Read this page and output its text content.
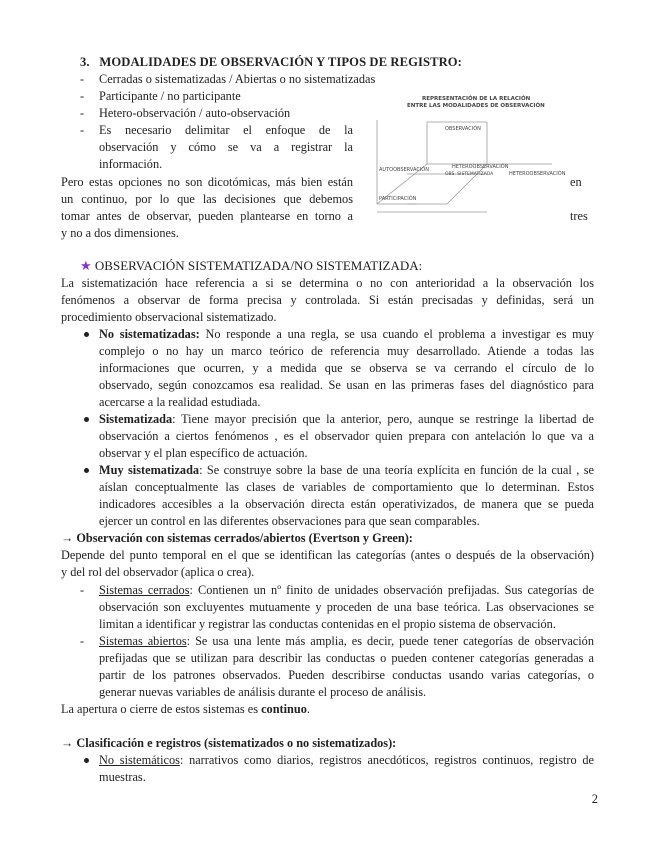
3. MODALIDADES DE OBSERVACIÓN Y TIPOS DE REGISTRO:
- Cerradas o sistematizadas / Abiertas o no sistematizadas
- Participante / no participante
- Hetero-observación / auto-observación
- Es necesario delimitar el enfoque de la
observación y cómo se va a registrar la
información.
Pero estas opciones no son dicotómicas, más bien están
un continuo, por lo que las decisiones que debemos
tomar antes de observar, pueden plantearse en torno a
y no a dos dimensiones.
en
tres
REPRESENTACIÓN DE LA RELACIÓN
ENTRE LAS MODALIDADES DE OBSERVACIÓN
OBSERVACIÓN
AUTOOBSERVACIÓN	HETEROOBSERVACIÓN
OBS. SISTEMATIZADA	HETEROOBSERVACIÓN
PARTICIPACIÓN
★ OBSERVACIÓN SISTEMATIZADA/NO SISTEMATIZADA:
La sistematización hace referencia a si se determina o no con anterioridad a la observación los
fenómenos a observar de forma precisa y controlada. Si están precisadas y definidas, será un
procedimiento observacional sistematizado.
No sistematizadas: No responde a una regla, se usa cuando el problema a investigar es muy
complejo o no hay un marco teórico de referencia muy desarrollado. Atiende a todas las
informaciones que ocurren, y a medida que se observa se va cerrando el círculo de lo
observado, según conozcamos esa realidad. Se usan en las primeras fases del diagnóstico para
acercarse a la realidad estudiada.
Sistematizada: Tiene mayor precisión que la anterior, pero, aunque se restringe la libertad de
observación a ciertos fenómenos , es el observador quien prepara con antelación lo que va a
observar y el plan específico de actuación.
Muy sistematizada: Se construye sobre la base de una teoría explícita en función de la cual , se
aíslan conceptualmente las clases de variables de comportamiento que lo determinan. Estos
indicadores accesibles a la observación directa están operativizados, de manera que se pueda
ejercer un control en las diferentes observaciones para que sean comparables.
→ Observación con sistemas cerrados/abiertos (Evertson y Green):
Depende del punto temporal en el que se identifican las categorías (antes o después de la observación)
y del rol del observador (aplica o crea).
- Sistemas cerrados: Contienen un nº finito de unidades observación prefijadas. Sus categorías de
observación son excluyentes mutuamente y proceden de una base teórica. Las observaciones se
limitan a identificar y registrar las conductas contenidas en el propio sistema de observación.
- Sistemas abiertos: Se usa una lente más amplia, es decir, puede tener categorías de observación
prefijadas que se utilizan para describir las conductas o pueden contener categorías generadas a
partir de los patrones observados. Pueden describirse conductas usando varias categorías, o
generar nuevas variables de análisis durante el proceso de análisis.
La apertura o cierre de estos sistemas es continuo.
→ Clasificación e registros (sistematizados o no sistematizados):
No sistemáticos: narrativos como diarios, registros anecdóticos, registros continuos, registro de
muestras.
2
